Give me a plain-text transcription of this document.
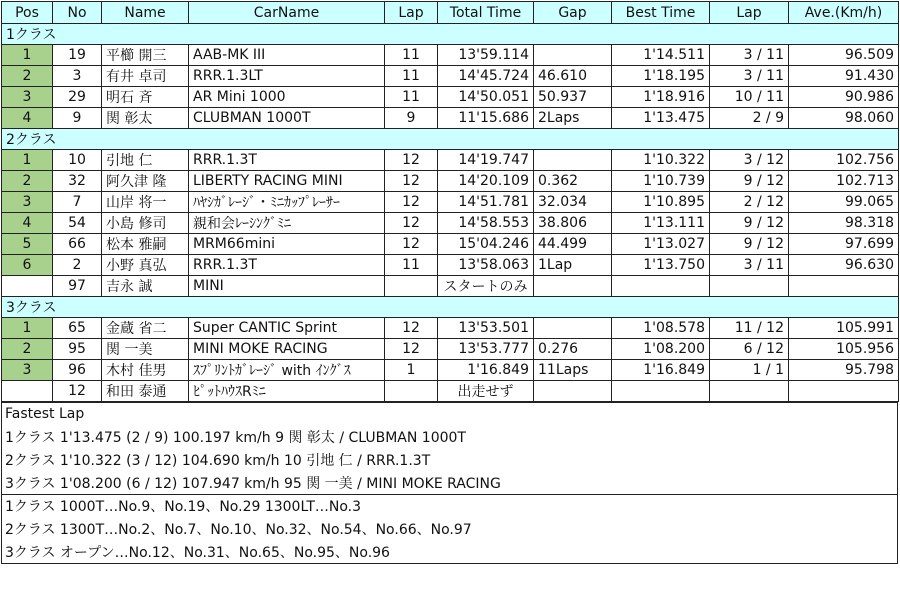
Pos	No	Name	CarName	Lap	Total Time	Gap	Best Time	Lap	Ave.(Km/h)
1クラス									
1	19	平櫛 開三	AAB-MK III	11	13'59.114		1'14.511	3 / 11	96.509
2	3	有井 卓司	RRR.1.3LT	11	14'45.724	46.610	1'18.195	3 / 11	91.430
3	29	明石 斉	AR Mini 1000	11	14'50.051	50.937	1'18.916	10 / 11	90.986
4	9	関 彰太	CLUBMAN 1000T	9	11'15.686	2Laps	1'13.475	2 / 9	98.060
2クラス									
1	10	引地 仁	RRR.1.3T	12	14'19.747		1'10.322	3 / 12	102.756
2	32	阿久津 隆	LIBERTY RACING MINI	12	14'20.109	0.362	1'10.739	9 / 12	102.713
3	7	山岸 将一	ﾊﾔｼｶﾞﾚｰｼﾞ・ﾐﾆｶｯﾌﾟﾚｰｻｰ	12	14'51.781	32.034	1'10.895	2 / 12	99.065
4	54	小島 修司	親和会ﾚｰｼﾝｸﾞﾐﾆ	12	14'58.553	38.806	1'13.111	9 / 12	98.318
5	66	松本 雅嗣	MRM66mini	12	15'04.246	44.499	1'13.027	9 / 12	97.699
6	2	小野 真弘	RRR.1.3T	11	13'58.063	1Lap	1'13.750	3 / 11	96.630
	97	吉永 誠	MINI		スタートのみ				
3クラス									
1	65	金蔵 省二	Super CANTIC Sprint	12	13'53.501		1'08.578	11 / 12	105.991
2	95	関 一美	MINI MOKE RACING	12	13'53.777	0.276	1'08.200	6 / 12	105.956
3	96	木村 佳男	ｽﾌﾟﾘﾝﾄｶﾞﾚｰｼﾞ with ｲﾝｸﾞｽ	1	1'16.849	11Laps	1'16.849	1 / 1	95.798
	12	和田 泰通	ﾋﾟｯﾄﾊｳｽRﾐﾆ		出走せず				
Fastest Lap
1クラス 1'13.475 (2 / 9) 100.197 km/h 9 関 彰太 / CLUBMAN 1000T
2クラス 1'10.322 (3 / 12) 104.690 km/h 10 引地 仁 / RRR.1.3T
3クラス 1'08.200 (6 / 12) 107.947 km/h 95 関 一美 / MINI MOKE RACING
1クラス 1000T…No.9、No.19、No.29 1300LT…No.3
2クラス 1300T…No.2、No.7、No.10、No.32、No.54、No.66、No.97
3クラス オープン…No.12、No.31、No.65、No.95、No.96
